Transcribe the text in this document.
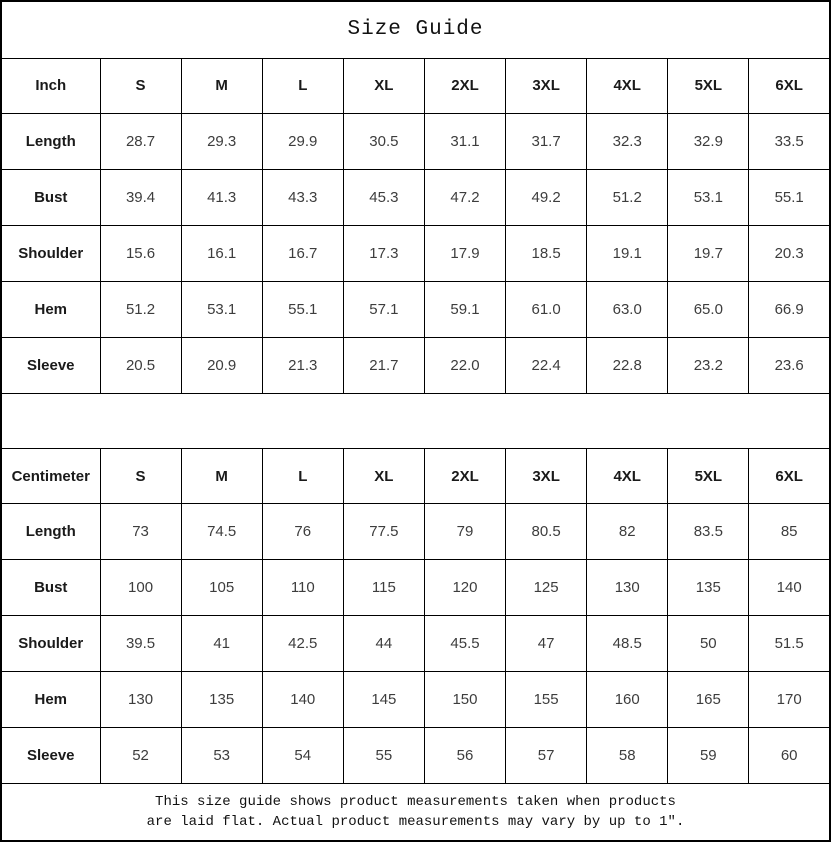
Size Guide									
Inch	S	M	L	XL	2XL	3XL	4XL	5XL	6XL
Length	28.7	29.3	29.9	30.5	31.1	31.7	32.3	32.9	33.5
Bust	39.4	41.3	43.3	45.3	47.2	49.2	51.2	53.1	55.1
Shoulder	15.6	16.1	16.7	17.3	17.9	18.5	19.1	19.7	20.3
Hem	51.2	53.1	55.1	57.1	59.1	61.0	63.0	65.0	66.9
Sleeve	20.5	20.9	21.3	21.7	22.0	22.4	22.8	23.2	23.6

Centimeter	S	M	L	XL	2XL	3XL	4XL	5XL	6XL
Length	73	74.5	76	77.5	79	80.5	82	83.5	85
Bust	100	105	110	115	120	125	130	135	140
Shoulder	39.5	41	42.5	44	45.5	47	48.5	50	51.5
Hem	130	135	140	145	150	155	160	165	170
Sleeve	52	53	54	55	56	57	58	59	60

This size guide shows product measurements taken when products
are laid flat. Actual product measurements may vary by up to 1″.									
